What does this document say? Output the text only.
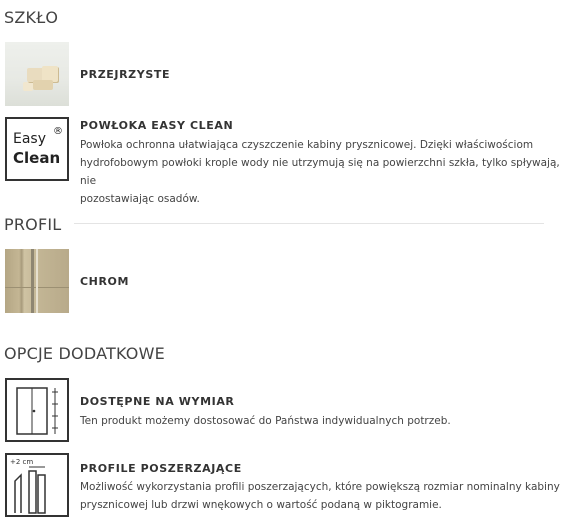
SZKŁO
PRZEJRZYSTE
Easy
Clean
® POWŁOKA EASY CLEAN
Powłoka ochronna ułatwiająca czyszczenie kabiny prysznicowej. Dzięki właściwościom
hydrofobowym powłoki krople wody nie utrzymują się na powierzchni szkła, tylko spływają, nie
pozostawiając osadów.
PROFIL
CHROM
OPCJE DODATKOWE
DOSTĘPNE NA WYMIAR
Ten produkt możemy dostosować do Państwa indywidualnych potrzeb.
+2 cm	PROFILE POSZERZAJĄCE
Możliwość wykorzystania profili poszerzających, które powiększą rozmiar nominalny kabiny
prysznicowej lub drzwi wnękowych o wartość podaną w piktogramie.
